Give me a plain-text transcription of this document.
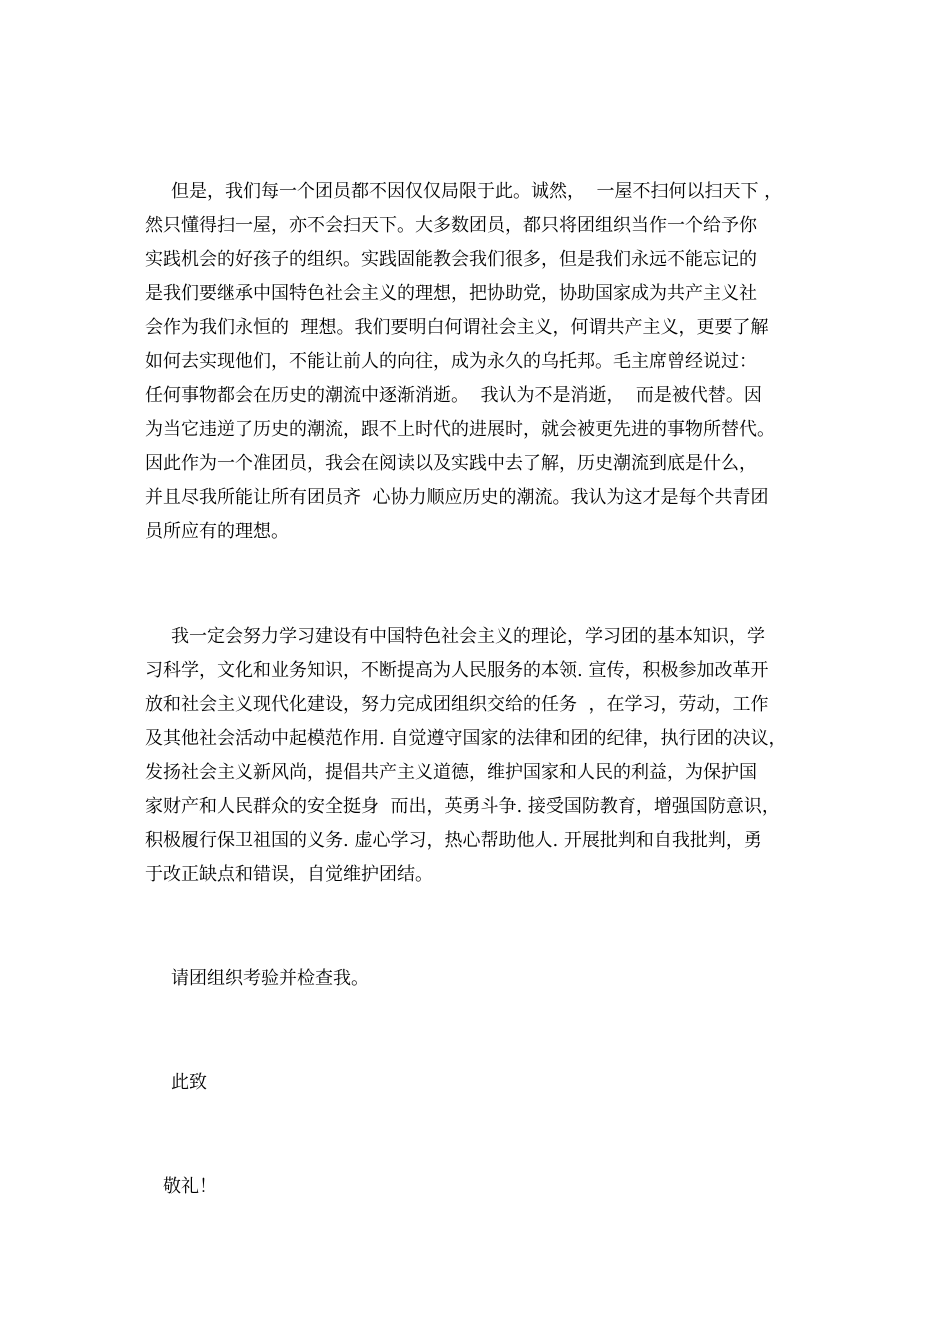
但是，我们每一个团员都不因仅仅局限于此。诚然，  一屋不扫何以扫天下 ，
然只懂得扫一屋，亦不会扫天下。大多数团员，都只将团组织当作一个给予你
实践机会的好孩子的组织。实践固能教会我们很多，但是我们永远不能忘记的
是我们要继承中国特色社会主义的理想，把协助党，协助国家成为共产主义社
会作为我们永恒的  理想。我们要明白何谓社会主义，何谓共产主义，更要了解
如何去实现他们，不能让前人的向往，成为永久的乌托邦。毛主席曾经说过：
任何事物都会在历史的潮流中逐渐消逝。  我认为不是消逝，  而是被代替。因
为当它违逆了历史的潮流，跟不上时代的进展时，就会被更先进的事物所替代。
因此作为一个准团员，我会在阅读以及实践中去了解，历史潮流到底是什么，
并且尽我所能让所有团员齐  心协力顺应历史的潮流。我认为这才是每个共青团
员所应有的理想。
我一定会努力学习建设有中国特色社会主义的理论，学习团的基本知识，学
习科学，文化和业务知识，不断提高为人民服务的本领. 宣传，积极参加改革开
放和社会主义现代化建设，努力完成团组织交给的任务  ，在学习，劳动，工作
及其他社会活动中起模范作用. 自觉遵守国家的法律和团的纪律，执行团的决议，
发扬社会主义新风尚，提倡共产主义道德，维护国家和人民的利益，为保护国
家财产和人民群众的安全挺身  而出，英勇斗争. 接受国防教育，增强国防意识，
积极履行保卫祖国的义务. 虚心学习，热心帮助他人. 开展批判和自我批判，勇
于改正缺点和错误，自觉维护团结。
请团组织考验并检查我。
此致
敬礼！
